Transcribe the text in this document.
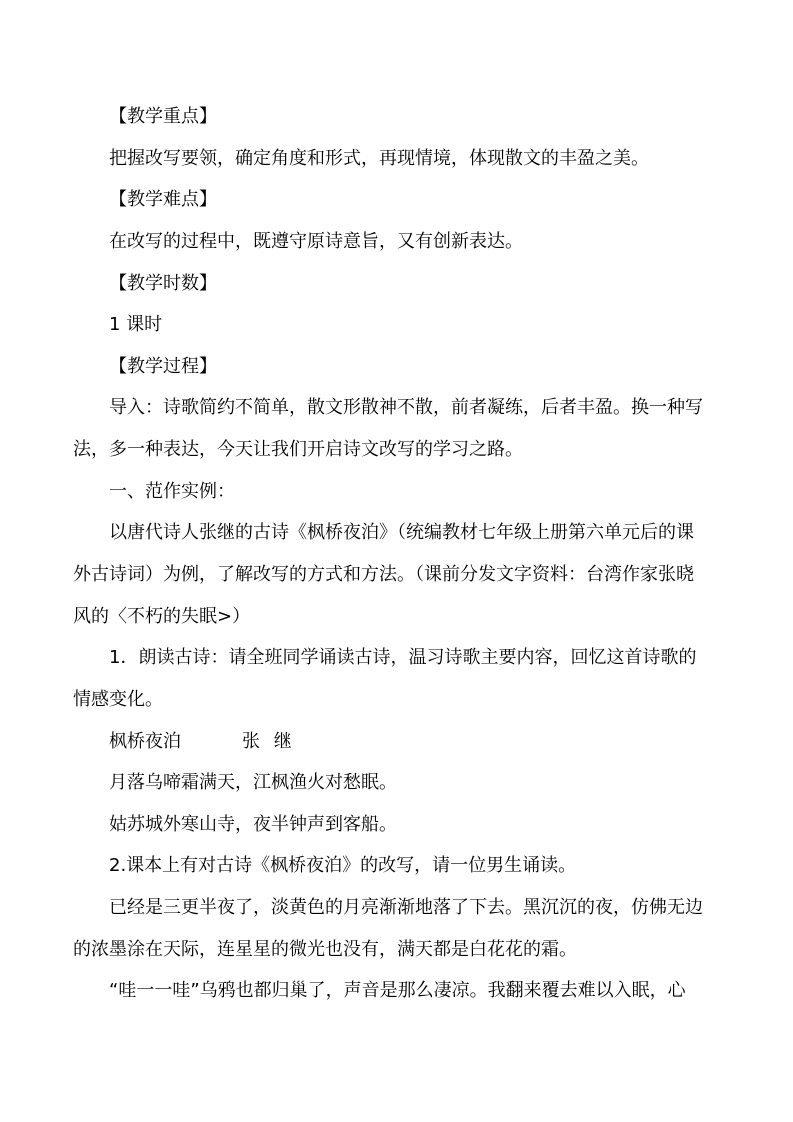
【教学重点】
把握改写要领，确定角度和形式，再现情境，体现散文的丰盈之美。
【教学难点】
在改写的过程中，既遵守原诗意旨，又有创新表达。
【教学时数】
1 课时
【教学过程】
导入：诗歌简约不简单，散文形散神不散，前者凝练，后者丰盈。换一种写
法，多一种表达，今天让我们开启诗文改写的学习之路。
一、范作实例：
以唐代诗人张继的古诗《枫桥夜泊》（统编教材七年级上册第六单元后的课
外古诗词）为例，了解改写的方式和方法。（课前分发文字资料：台湾作家张晓
风的〈不朽的失眠>）
1．朗读古诗：请全班同学诵读古诗，温习诗歌主要内容，回忆这首诗歌的
情感变化。
枫桥夜泊	张 继
月落乌啼霜满天，江枫渔火对愁眠。
姑苏城外寒山寺，夜半钟声到客船。
2.课本上有对古诗《枫桥夜泊》的改写，请一位男生诵读。
已经是三更半夜了，淡黄色的月亮渐渐地落了下去。黑沉沉的夜，仿佛无边
的浓墨涂在天际，连星星的微光也没有，满天都是白花花的霜。
“哇一一哇”乌鸦也都归巢了，声音是那么凄凉。我翻来覆去难以入眠，心
